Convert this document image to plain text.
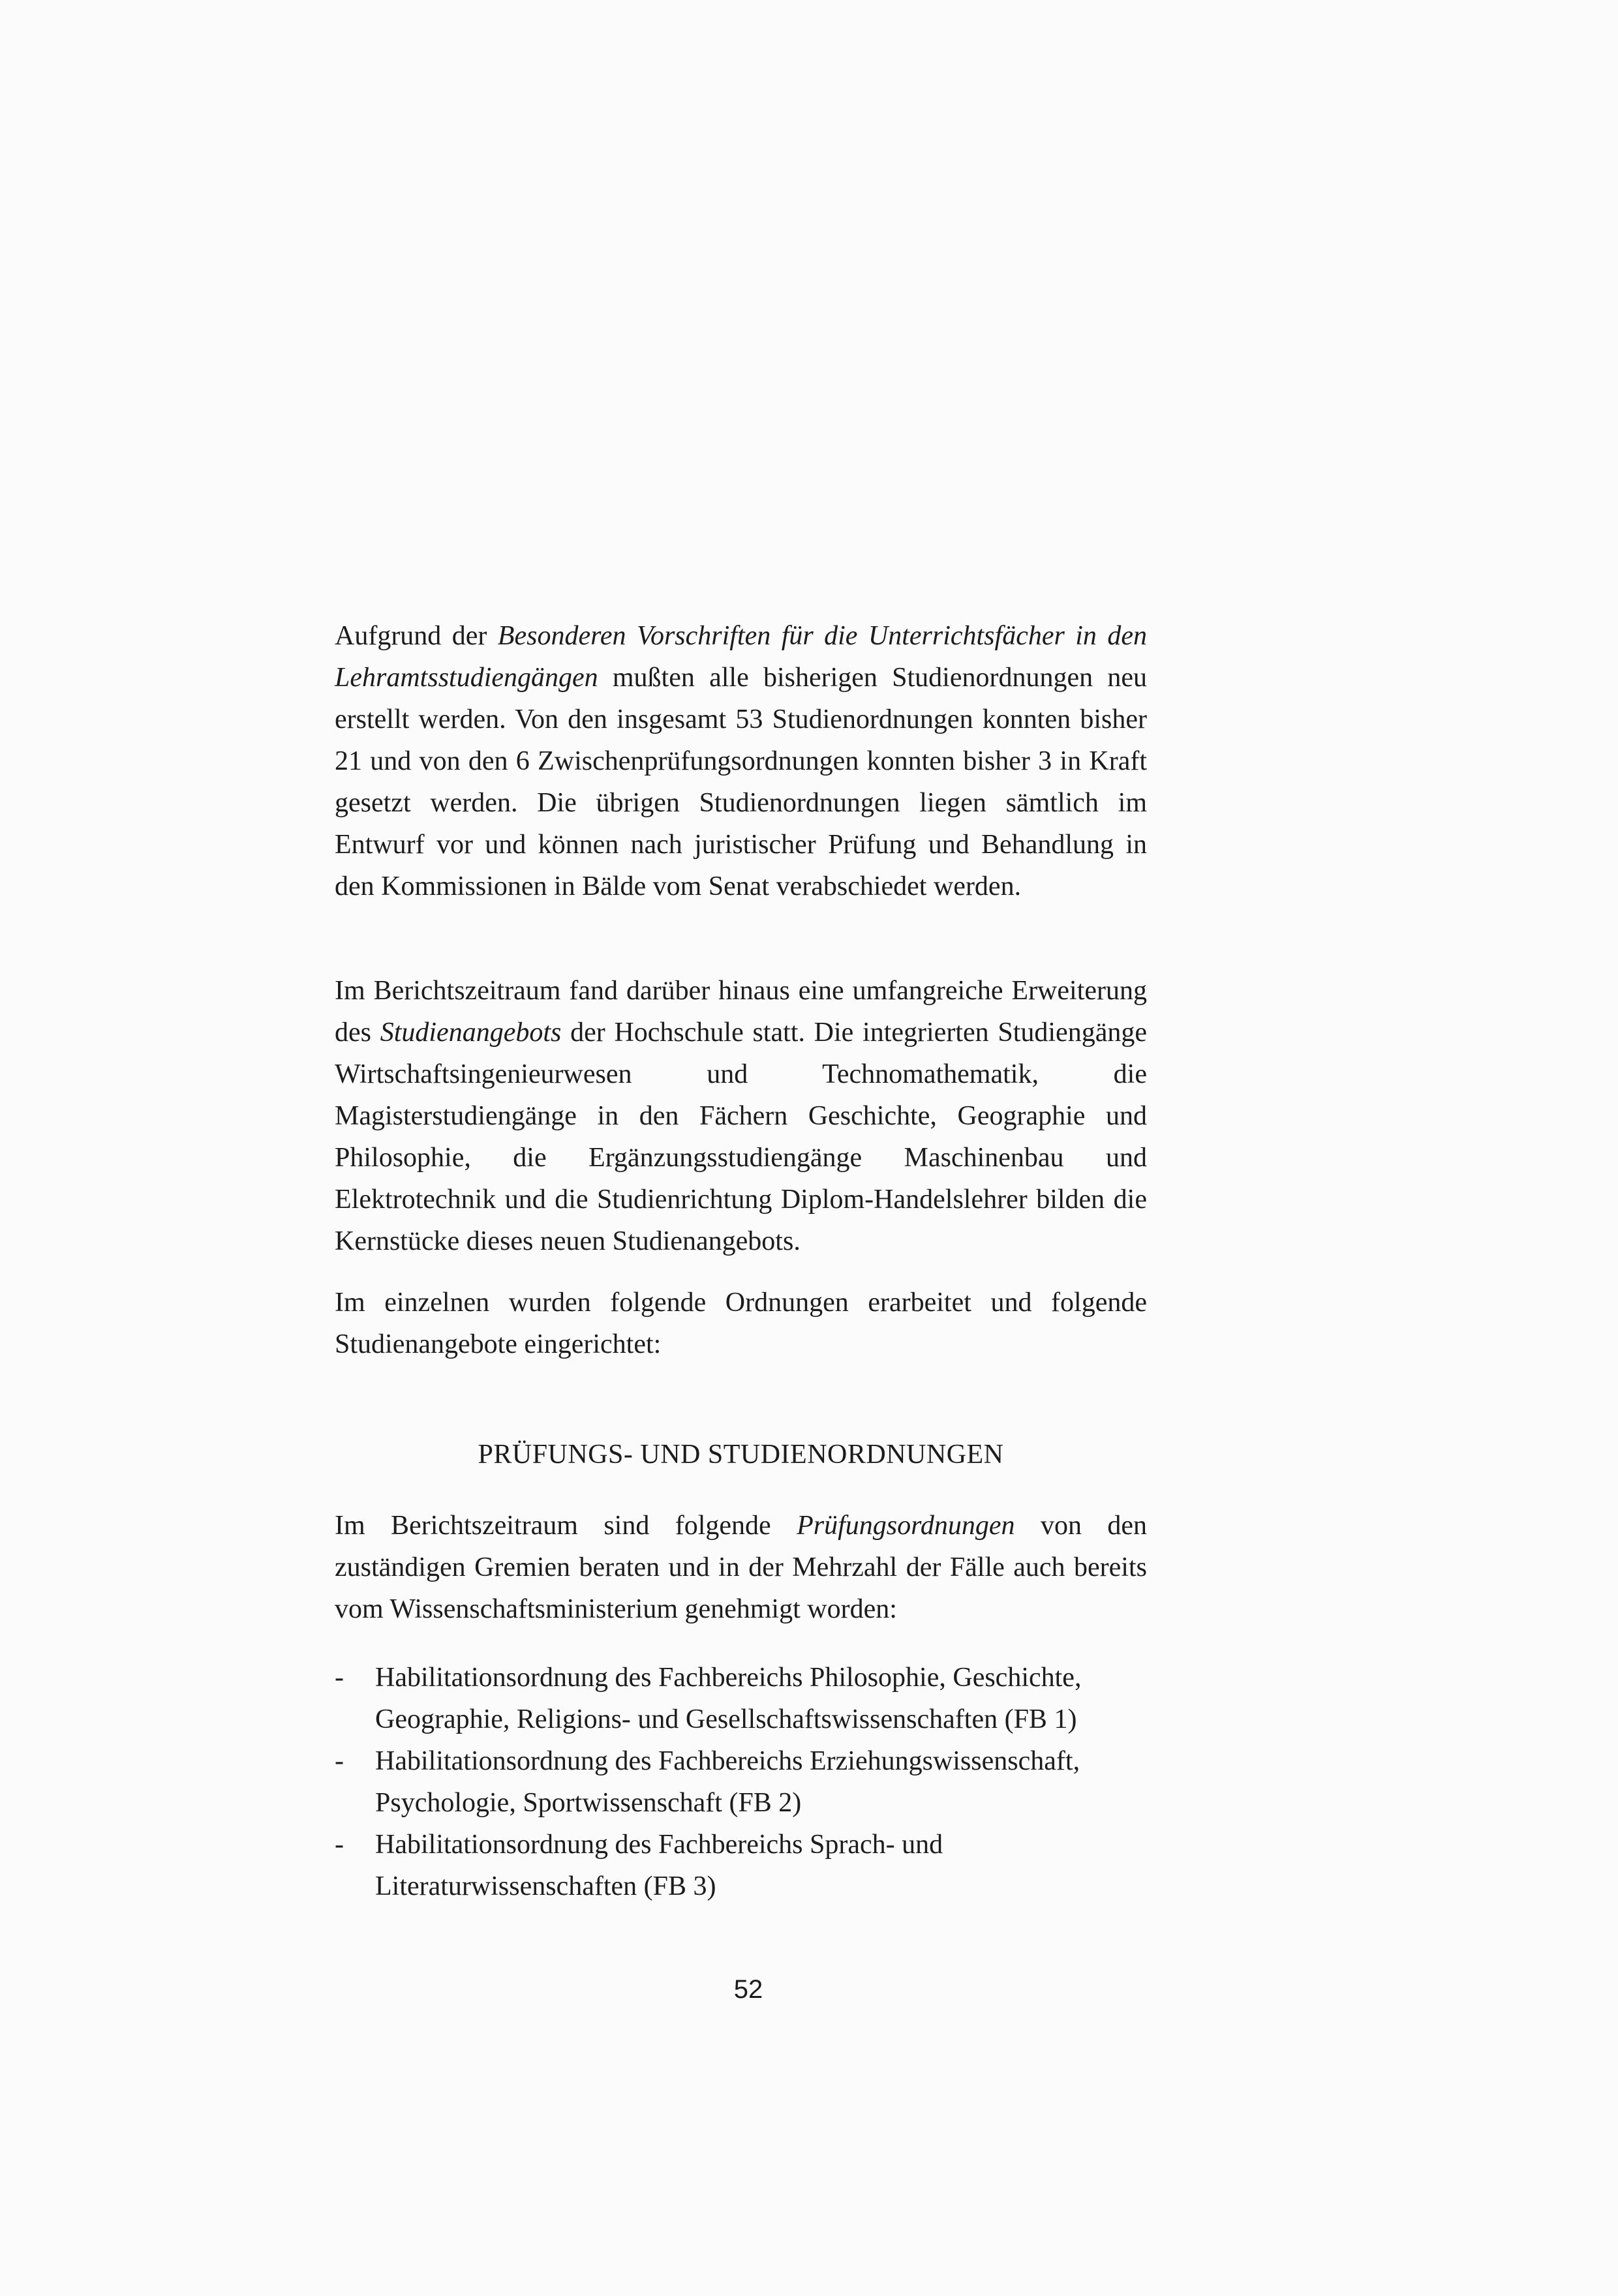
Aufgrund der Besonderen Vorschriften für die Unterrichtsfächer in den Lehramtsstudiengängen mußten alle bisherigen Studienordnungen neu erstellt werden. Von den insgesamt 53 Studienordnungen konnten bisher 21 und von den 6 Zwischenprüfungsordnungen konnten bisher 3 in Kraft gesetzt werden. Die übrigen Studienordnungen liegen sämtlich im Entwurf vor und können nach juristischer Prüfung und Behandlung in den Kommissionen in Bälde vom Senat verabschiedet werden.

Im Berichtszeitraum fand darüber hinaus eine umfangreiche Erweiterung des Studienangebots der Hochschule statt. Die integrierten Studiengänge Wirtschaftsingenieurwesen und Technomathematik, die Magisterstudiengänge in den Fächern Geschichte, Geographie und Philosophie, die Ergänzungsstudiengänge Maschinenbau und Elektrotechnik und die Studienrichtung Diplom-Handelslehrer bilden die Kernstücke dieses neuen Studienangebots.

Im einzelnen wurden folgende Ordnungen erarbeitet und folgende Studienangebote eingerichtet:

PRÜFUNGS- UND STUDIENORDNUNGEN

Im Berichtszeitraum sind folgende Prüfungsordnungen von den zuständigen Gremien beraten und in der Mehrzahl der Fälle auch bereits vom Wissenschaftsministerium genehmigt worden:

- Habilitationsordnung des Fachbereichs Philosophie, Geschichte, Geographie, Religions- und Gesellschaftswissenschaften (FB 1)
- Habilitationsordnung des Fachbereichs Erziehungswissenschaft, Psychologie, Sportwissenschaft (FB 2)
- Habilitationsordnung des Fachbereichs Sprach- und Literaturwissenschaften (FB 3)

52
